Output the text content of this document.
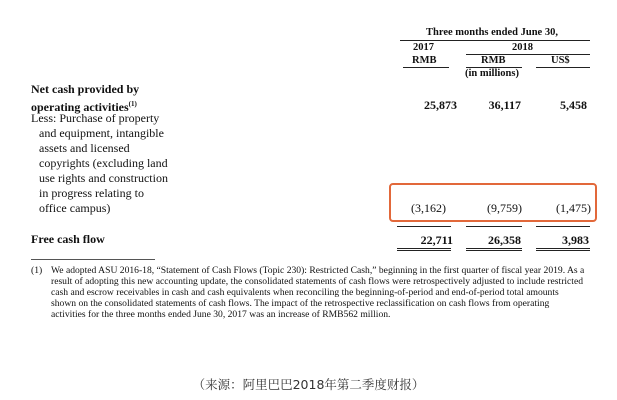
Three months ended June 30,
2017	2018
RMB	RMB	US$
(in millions)
Net cash provided by
operating activities$^{(1)}$	25,873	36,117	5,458
Less: Purchase of property
and equipment, intangible
assets and licensed
copyrights (excluding land
use rights and construction
in progress relating to
office campus)	(3,162)	(9,759)	(1,475)
Free cash flow	22,711	26,358	3,983
(1) We adopted ASU 2016-18, “Statement of Cash Flows (Topic 230): Restricted Cash,” beginning in the first quarter of fiscal year 2019. As a result of adopting this new accounting update, the consolidated statements of cash flows were retrospectively adjusted to include restricted cash and escrow receivables in cash and cash equivalents when reconciling the beginning-of-period and end-of-period total amounts shown on the consolidated statements of cash flows. The impact of the retrospective reclassification on cash flows from operating activities for the three months ended June 30, 2017 was an increase of RMB562 million.
（来源：阿里巴巴2018年第二季度财报）
